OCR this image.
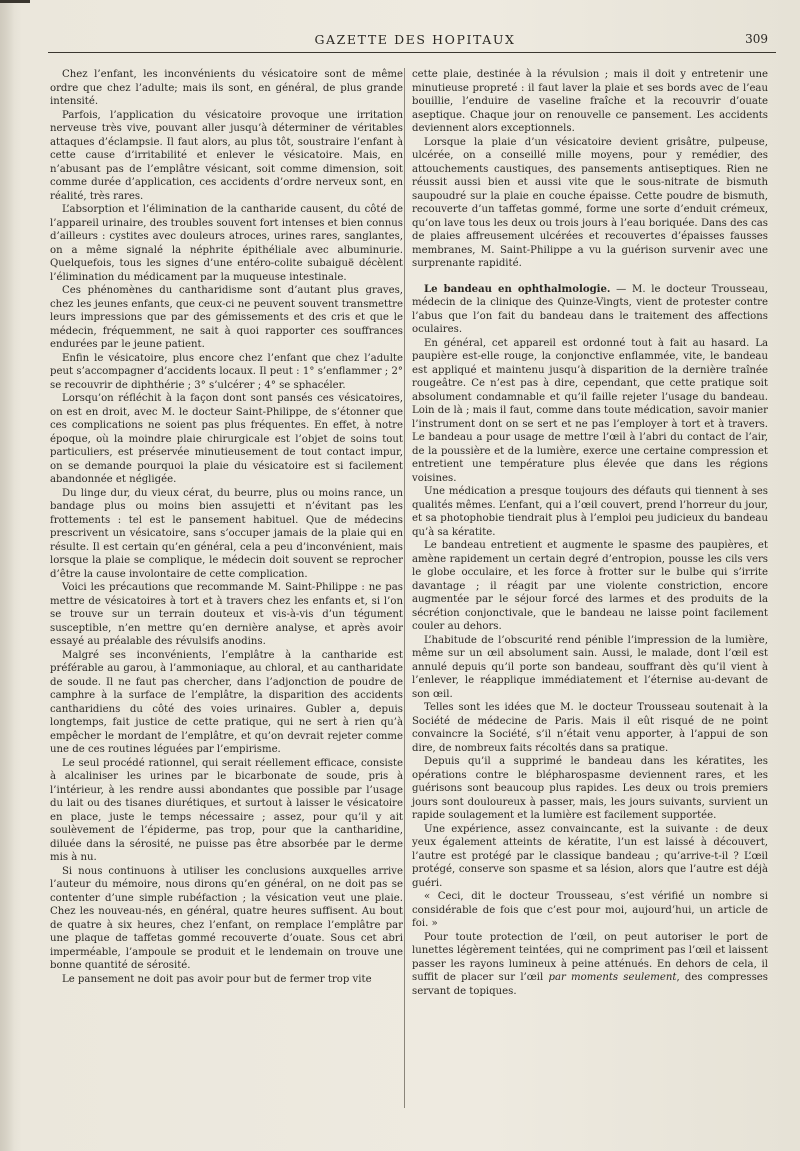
GAZETTE DES HOPITAUX	309

Chez l’enfant, les inconvénients du vésicatoire sont de même ordre que chez l’adulte; mais ils sont, en général, de plus grande intensité.

Parfois, l’application du vésicatoire provoque une irritation nerveuse très vive, pouvant aller jusqu’à déterminer de véritables attaques d’éclampsie. Il faut alors, au plus tôt, soustraire l’enfant à cette cause d’irritabilité et enlever le vésicatoire. Mais, en n’abusant pas de l’emplâtre vésicant, soit comme dimension, soit comme durée d’application, ces accidents d’ordre nerveux sont, en réalité, très rares.

L’absorption et l’élimination de la cantharide causent, du côté de l’appareil urinaire, des troubles souvent fort intenses et bien connus d’ailleurs : cystites avec douleurs atroces, urines rares, sanglantes, on a même signalé la néphrite épithéliale avec albuminurie. Quelquefois, tous les signes d’une entéro-colite subaiguë décèlent l’élimination du médicament par la muqueuse intestinale.

Ces phénomènes du cantharidisme sont d’autant plus graves, chez les jeunes enfants, que ceux-ci ne peuvent souvent transmettre leurs impressions que par des gémissements et des cris et que le médecin, fréquemment, ne sait à quoi rapporter ces souffrances endurées par le jeune patient.

Enfin le vésicatoire, plus encore chez l’enfant que chez l’adulte peut s’accompagner d’accidents locaux. Il peut : 1° s’enflammer ; 2° se recouvrir de diphthérie ; 3° s’ulcérer ; 4° se sphacéler.

Lorsqu’on réfléchit à la façon dont sont pansés ces vésicatoires, on est en droit, avec M. le docteur Saint-Philippe, de s’étonner que ces complications ne soient pas plus fréquentes. En effet, à notre époque, où la moindre plaie chirurgicale est l’objet de soins tout particuliers, est préservée minutieusement de tout contact impur, on se demande pourquoi la plaie du vésicatoire est si facilement abandonnée et négligée.

Du linge dur, du vieux cérat, du beurre, plus ou moins rance, un bandage plus ou moins bien assujetti et n’évitant pas les frottements : tel est le pansement habituel. Que de médecins prescrivent un vésicatoire, sans s’occuper jamais de la plaie qui en résulte. Il est certain qu’en général, cela a peu d’inconvénient, mais lorsque la plaie se complique, le médecin doit souvent se reprocher d’être la cause involontaire de cette complication.

Voici les précautions que recommande M. Saint-Philippe : ne pas mettre de vésicatoires à tort et à travers chez les enfants et, si l’on se trouve sur un terrain douteux et vis-à-vis d’un tégument susceptible, n’en mettre qu’en dernière analyse, et après avoir essayé au préalable des révulsifs anodins.

Malgré ses inconvénients, l’emplâtre à la cantharide est préférable au garou, à l’ammoniaque, au chloral, et au cantharidate de soude. Il ne faut pas chercher, dans l’adjonction de poudre de camphre à la surface de l’emplâtre, la disparition des accidents cantharidiens du côté des voies urinaires. Gubler a, depuis longtemps, fait justice de cette pratique, qui ne sert à rien qu’à empêcher le mordant de l’emplâtre, et qu’on devrait rejeter comme une de ces routines léguées par l’empirisme.

Le seul procédé rationnel, qui serait réellement efficace, consiste à alcaliniser les urines par le bicarbonate de soude, pris à l’intérieur, à les rendre aussi abondantes que possible par l’usage du lait ou des tisanes diurétiques, et surtout à laisser le vésicatoire en place, juste le temps nécessaire ; assez, pour qu’il y ait soulèvement de l’épiderme, pas trop, pour que la cantharidine, diluée dans la sérosité, ne puisse pas être absorbée par le derme mis à nu.

Si nous continuons à utiliser les conclusions auxquelles arrive l’auteur du mémoire, nous dirons qu’en général, on ne doit pas se contenter d’une simple rubéfaction ; la vésication veut une plaie. Chez les nouveau-nés, en général, quatre heures suffisent. Au bout de quatre à six heures, chez l’enfant, on remplace l’emplâtre par une plaque de taffetas gommé recouverte d’ouate. Sous cet abri imperméable, l’ampoule se produit et le lendemain on trouve une bonne quantité de sérosité.

Le pansement ne doit pas avoir pour but de fermer trop vite

cette plaie, destinée à la révulsion ; mais il doit y entretenir une minutieuse propreté : il faut laver la plaie et ses bords avec de l’eau bouillie, l’enduire de vaseline fraîche et la recouvrir d’ouate aseptique. Chaque jour on renouvelle ce pansement. Les accidents deviennent alors exceptionnels.

Lorsque la plaie d’un vésicatoire devient grisâtre, pulpeuse, ulcérée, on a conseillé mille moyens, pour y remédier, des attouchements caustiques, des pansements antiseptiques. Rien ne réussit aussi bien et aussi vite que le sous-nitrate de bismuth saupoudré sur la plaie en couche épaisse. Cette poudre de bismuth, recouverte d’un taffetas gommé, forme une sorte d’enduit crémeux, qu’on lave tous les deux ou trois jours à l’eau boriquée. Dans des cas de plaies affreusement ulcérées et recouvertes d’épaisses fausses membranes, M. Saint-Philippe a vu la guérison survenir avec une surprenante rapidité.

Le bandeau en ophthalmologie. — M. le docteur Trousseau, médecin de la clinique des Quinze-Vingts, vient de protester contre l’abus que l’on fait du bandeau dans le traitement des affections oculaires.

En général, cet appareil est ordonné tout à fait au hasard. La paupière est-elle rouge, la conjonctive enflammée, vite, le bandeau est appliqué et maintenu jusqu’à disparition de la dernière traînée rougeâtre. Ce n’est pas à dire, cependant, que cette pratique soit absolument condamnable et qu’il faille rejeter l’usage du bandeau. Loin de là ; mais il faut, comme dans toute médication, savoir manier l’instrument dont on se sert et ne pas l’employer à tort et à travers. Le bandeau a pour usage de mettre l’œil à l’abri du contact de l’air, de la poussière et de la lumière, exerce une certaine compression et entretient une température plus élevée que dans les régions voisines.

Une médication a presque toujours des défauts qui tiennent à ses qualités mêmes. L’enfant, qui a l’œil couvert, prend l’horreur du jour, et sa photophobie tiendrait plus à l’emploi peu judicieux du bandeau qu’à sa kératite.

Le bandeau entretient et augmente le spasme des paupières, et amène rapidement un certain degré d’entropion, pousse les cils vers le globe occulaire, et les force à frotter sur le bulbe qui s’irrite davantage ; il réagit par une violente constriction, encore augmentée par le séjour forcé des larmes et des produits de la sécrétion conjonctivale, que le bandeau ne laisse point facilement couler au dehors.

L’habitude de l’obscurité rend pénible l’impression de la lumière, même sur un œil absolument sain. Aussi, le malade, dont l’œil est annulé depuis qu’il porte son bandeau, souffrant dès qu’il vient à l’enlever, le réapplique immédiatement et l’éternise au-devant de son œil.

Telles sont les idées que M. le docteur Trousseau soutenait à la Société de médecine de Paris. Mais il eût risqué de ne point convaincre la Société, s’il n’était venu apporter, à l’appui de son dire, de nombreux faits récoltés dans sa pratique.

Depuis qu’il a supprimé le bandeau dans les kératites, les opérations contre le blépharospasme deviennent rares, et les guérisons sont beaucoup plus rapides. Les deux ou trois premiers jours sont douloureux à passer, mais, les jours suivants, survient un rapide soulagement et la lumière est facilement supportée.

Une expérience, assez convaincante, est la suivante : de deux yeux également atteints de kératite, l’un est laissé à découvert, l’autre est protégé par le classique bandeau ; qu’arrive-t-il ? L’œil protégé, conserve son spasme et sa lésion, alors que l’autre est déjà guéri.

« Ceci, dit le docteur Trousseau, s’est vérifié un nombre si considérable de fois que c’est pour moi, aujourd’hui, un article de foi. »

Pour toute protection de l’œil, on peut autoriser le port de lunettes légèrement teintées, qui ne compriment pas l’œil et laissent passer les rayons lumineux à peine atténués. En dehors de cela, il suffit de placer sur l’œil par moments seulement, des compresses servant de topiques.
